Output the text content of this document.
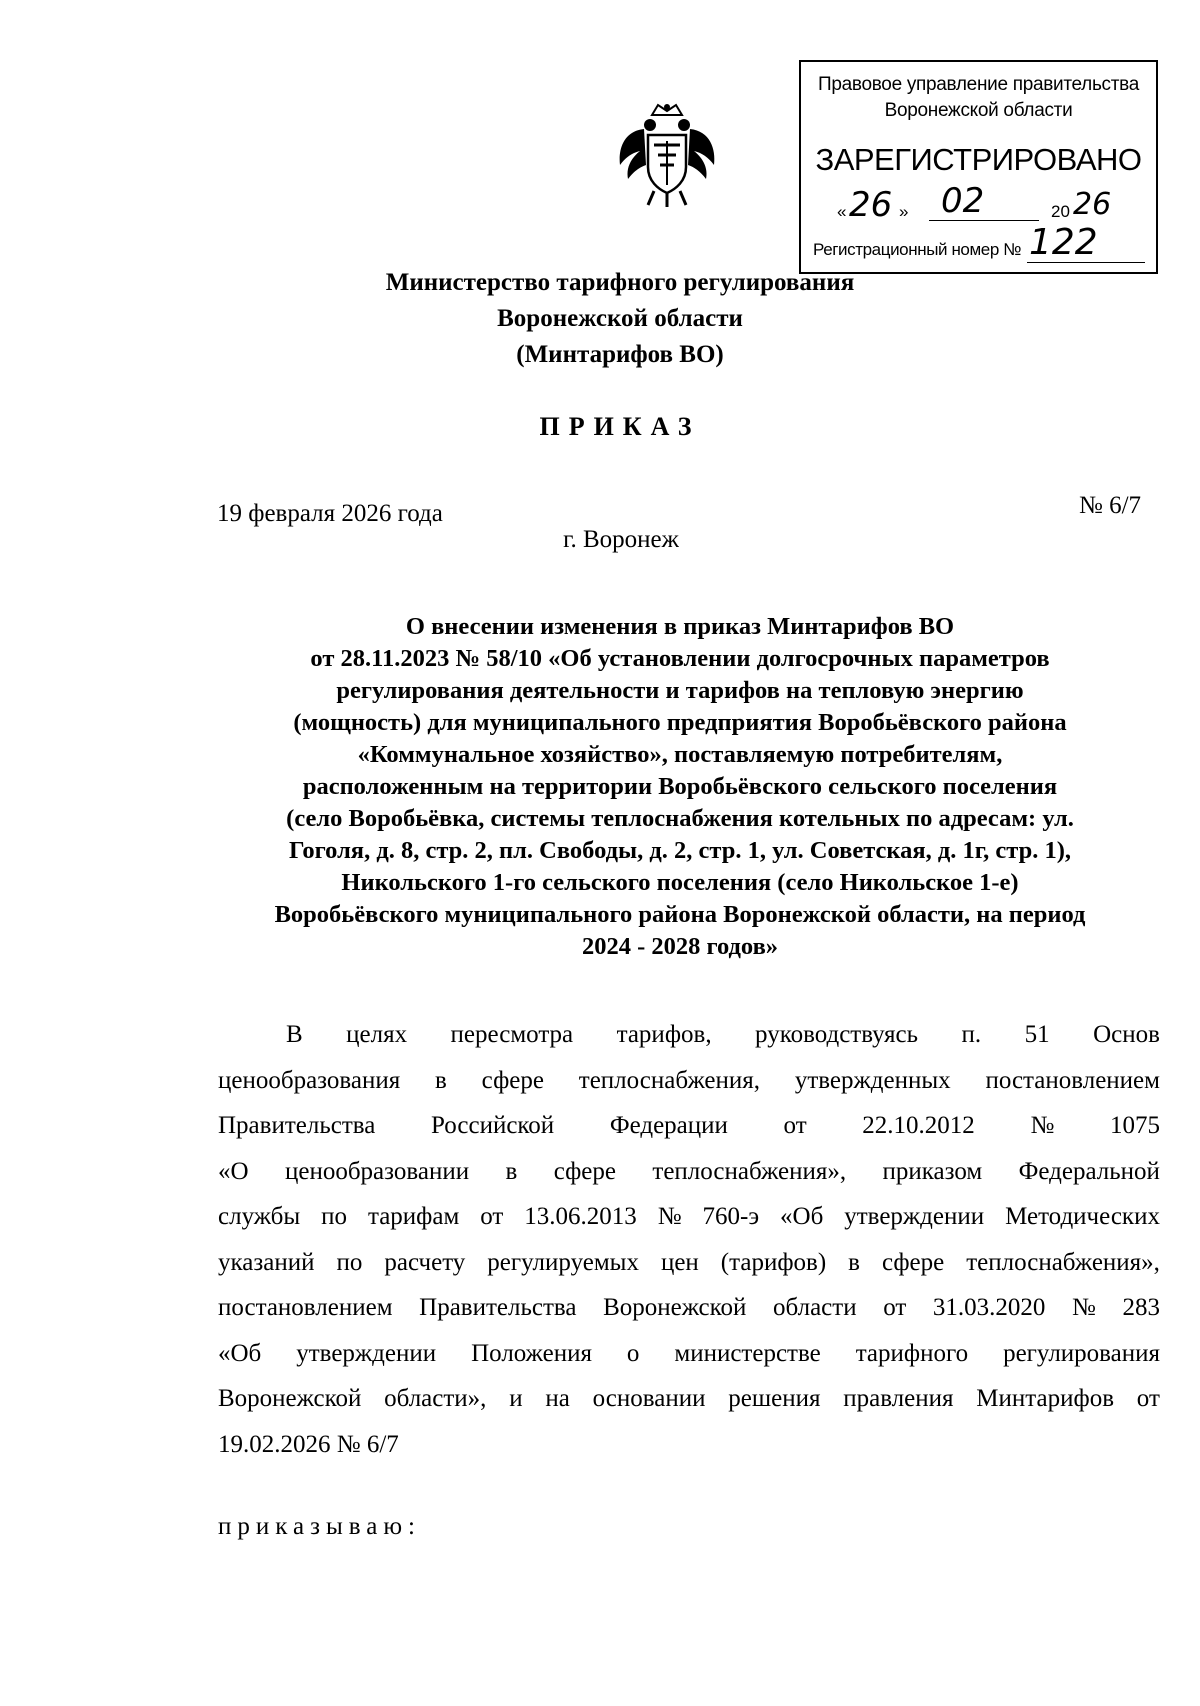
Правовое управление правительства
Воронежской области
ЗАРЕГИСТРИРОВАНО
« 26 » 02	20 26
Регистрационный номер № 122
Министерство тарифного регулирования
Воронежской области
(Минтарифов ВО)
ПРИКАЗ
19 февраля 2026 года	№ 6/7
г. Воронеж
О внесении изменения в приказ Минтарифов ВО
от 28.11.2023 № 58/10 «Об установлении долгосрочных параметров
регулирования деятельности и тарифов на тепловую энергию
(мощность) для муниципального предприятия Воробьёвского района
«Коммунальное хозяйство», поставляемую потребителям,
расположенным на территории Воробьёвского сельского поселения
(село Воробьёвка, системы теплоснабжения котельных по адресам: ул.
Гоголя, д. 8, стр. 2, пл. Свободы, д. 2, стр. 1, ул. Советская, д. 1г, стр. 1),
Никольского 1-го сельского поселения (село Никольское 1-е)
Воробьёвского муниципального района Воронежской области, на период
2024 - 2028 годов»
В целях пересмотра тарифов, руководствуясь п. 51 Основ
ценообразования в сфере теплоснабжения, утвержденных постановлением
Правительства Российской Федерации от 22.10.2012 № 1075
«О ценообразовании в сфере теплоснабжения», приказом Федеральной
службы по тарифам от 13.06.2013 № 760-э «Об утверждении Методических
указаний по расчету регулируемых цен (тарифов) в сфере теплоснабжения»,
постановлением Правительства Воронежской области от 31.03.2020 № 283
«Об утверждении Положения о министерстве тарифного регулирования
Воронежской области», и на основании решения правления Минтарифов от
19.02.2026 № 6/7
приказываю:
